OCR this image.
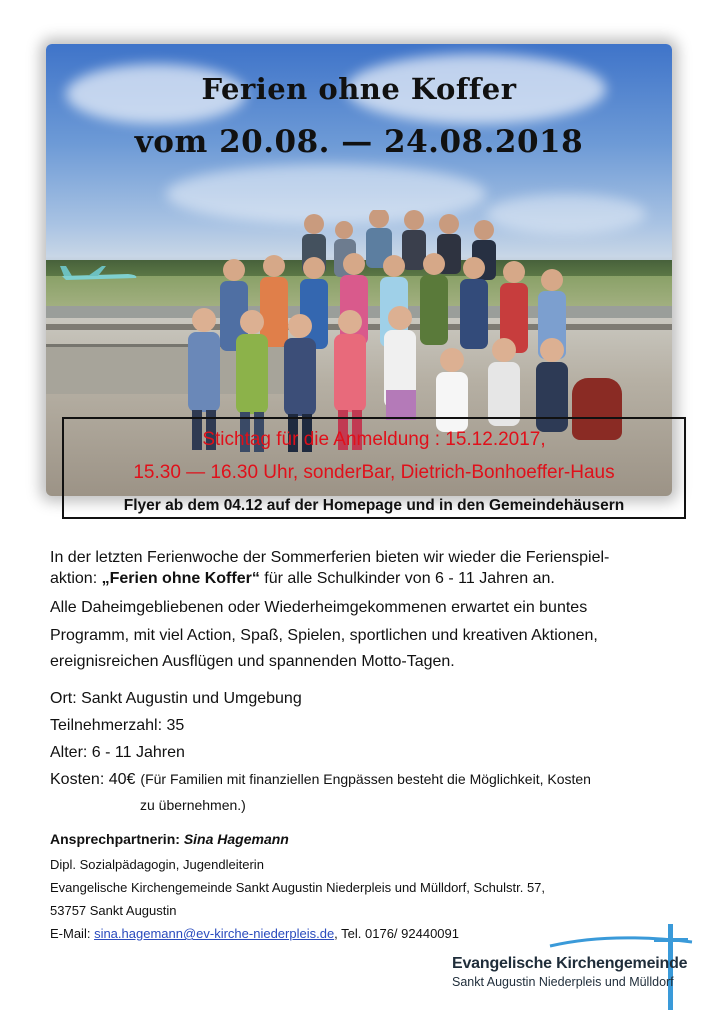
Ferien ohne Koffer
vom 20.08. — 24.08.2018
Stichtag für die Anmeldung : 15.12.2017,
15.30 — 16.30 Uhr, sonderBar, Dietrich-Bonhoeffer-Haus
Flyer ab dem 04.12 auf der Homepage und in den Gemeindehäusern
In der letzten Ferienwoche der Sommerferien bieten wir wieder die Ferienspiel-
aktion: „Ferien ohne Koffer“ für alle Schulkinder von 6 - 11 Jahren an.
Alle Daheimgebliebenen oder Wiederheimgekommenen erwartet ein buntes
Programm, mit viel Action, Spaß, Spielen, sportlichen und kreativen Aktionen,
ereignisreichen Ausflügen und spannenden Motto-Tagen.
Ort: Sankt Augustin und Umgebung
Teilnehmerzahl: 35
Alter: 6 - 11 Jahren
Kosten: 40€ (Für Familien mit finanziellen Engpässen besteht die Möglichkeit, Kosten
zu übernehmen.)
Ansprechpartnerin: Sina Hagemann
Dipl. Sozialpädagogin, Jugendleiterin
Evangelische Kirchengemeinde Sankt Augustin Niederpleis und Mülldorf, Schulstr. 57,
53757 Sankt Augustin
E-Mail: sina.hagemann@ev-kirche-niederpleis.de, Tel. 0176/ 92440091
Evangelische Kirchengemeinde
Sankt Augustin Niederpleis und Mülldorf
